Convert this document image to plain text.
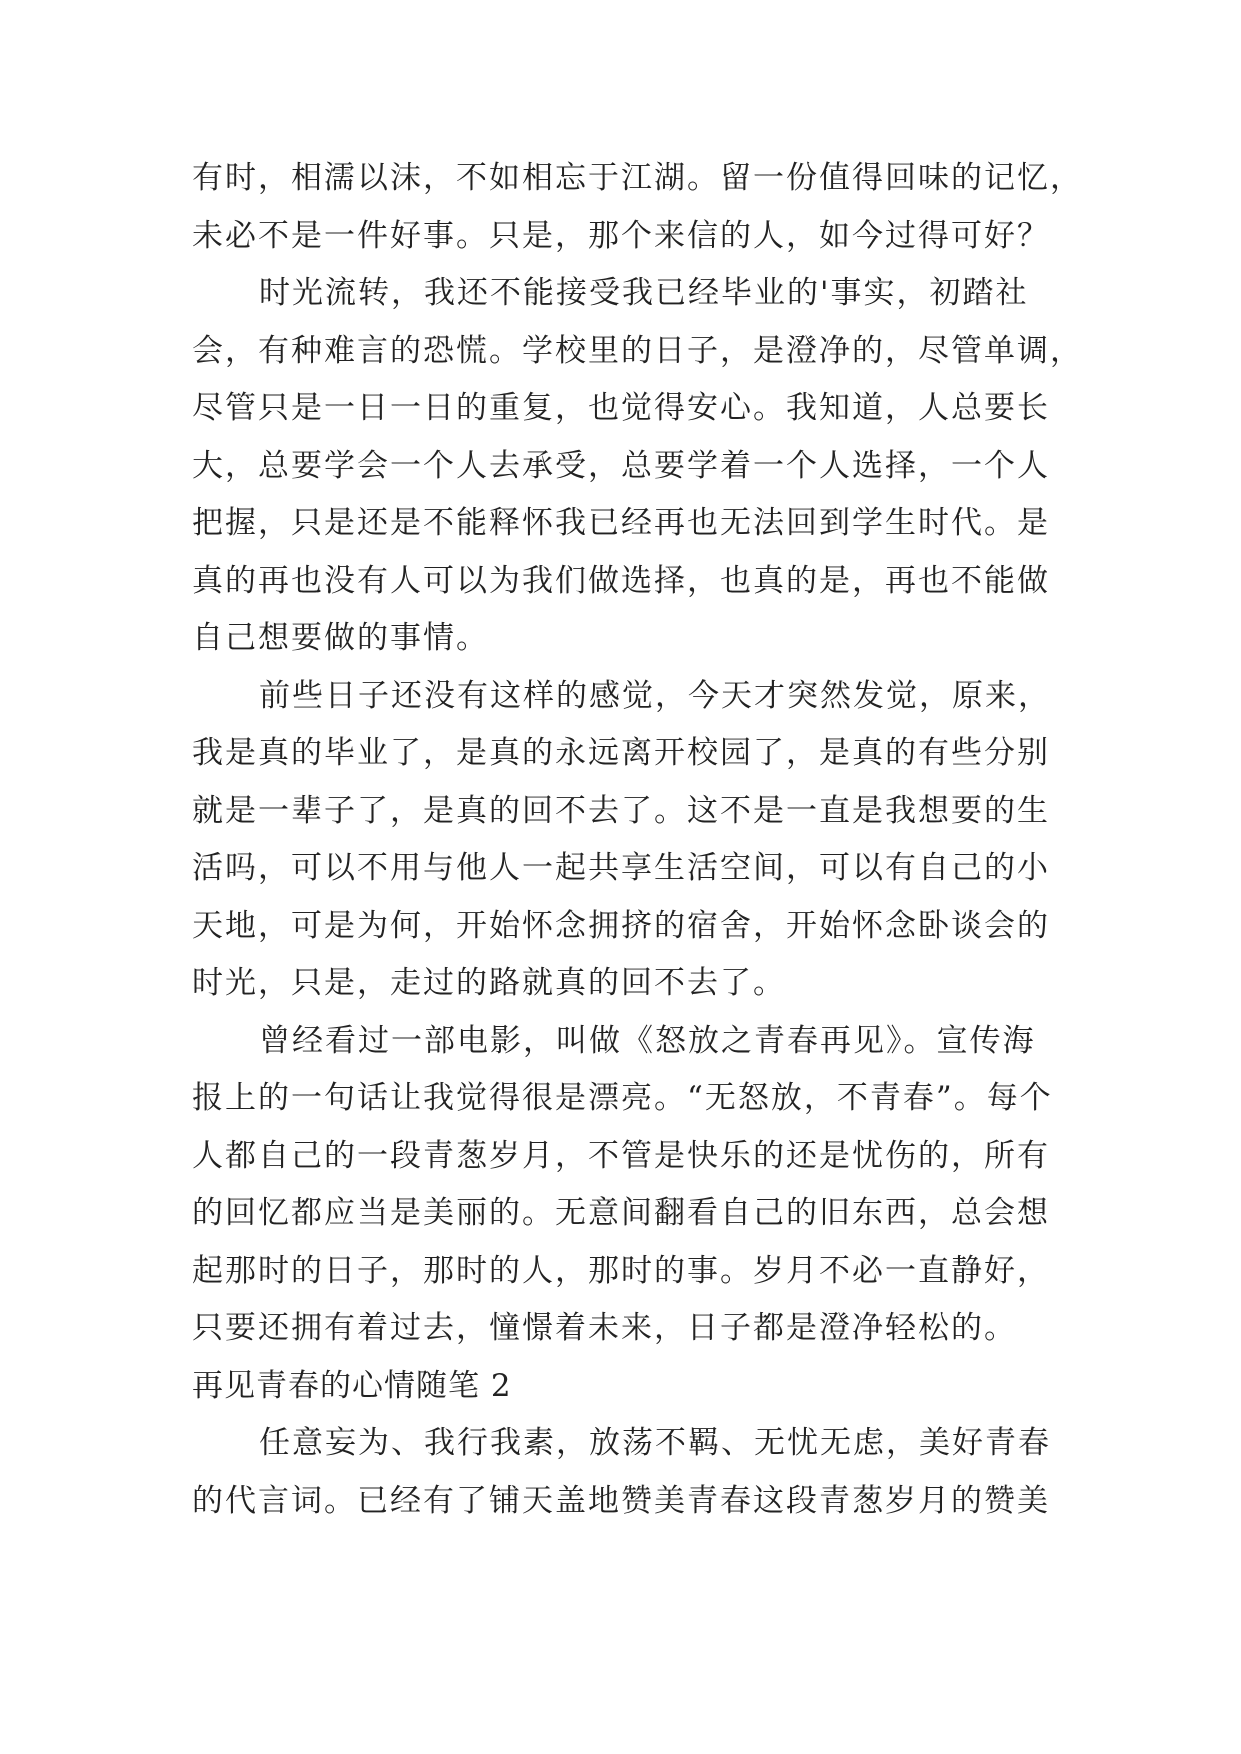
有时，相濡以沫，不如相忘于江湖。留一份值得回味的记忆，
未必不是一件好事。只是，那个来信的人，如今过得可好？
时光流转，我还不能接受我已经毕业的'事实，初踏社
会，有种难言的恐慌。学校里的日子，是澄净的，尽管单调，
尽管只是一日一日的重复，也觉得安心。我知道，人总要长
大，总要学会一个人去承受，总要学着一个人选择，一个人
把握，只是还是不能释怀我已经再也无法回到学生时代。是
真的再也没有人可以为我们做选择，也真的是，再也不能做
自己想要做的事情。
前些日子还没有这样的感觉，今天才突然发觉，原来，
我是真的毕业了，是真的永远离开校园了，是真的有些分别
就是一辈子了，是真的回不去了。这不是一直是我想要的生
活吗，可以不用与他人一起共享生活空间，可以有自己的小
天地，可是为何，开始怀念拥挤的宿舍，开始怀念卧谈会的
时光，只是，走过的路就真的回不去了。
曾经看过一部电影，叫做《怒放之青春再见》。宣传海
报上的一句话让我觉得很是漂亮。“无怒放，不青春”。每个
人都自己的一段青葱岁月，不管是快乐的还是忧伤的，所有
的回忆都应当是美丽的。无意间翻看自己的旧东西，总会想
起那时的日子，那时的人，那时的事。岁月不必一直静好，
只要还拥有着过去，憧憬着未来，日子都是澄净轻松的。
再见青春的心情随笔 2
任意妄为、我行我素，放荡不羁、无忧无虑，美好青春
的代言词。已经有了铺天盖地赞美青春这段青葱岁月的赞美
